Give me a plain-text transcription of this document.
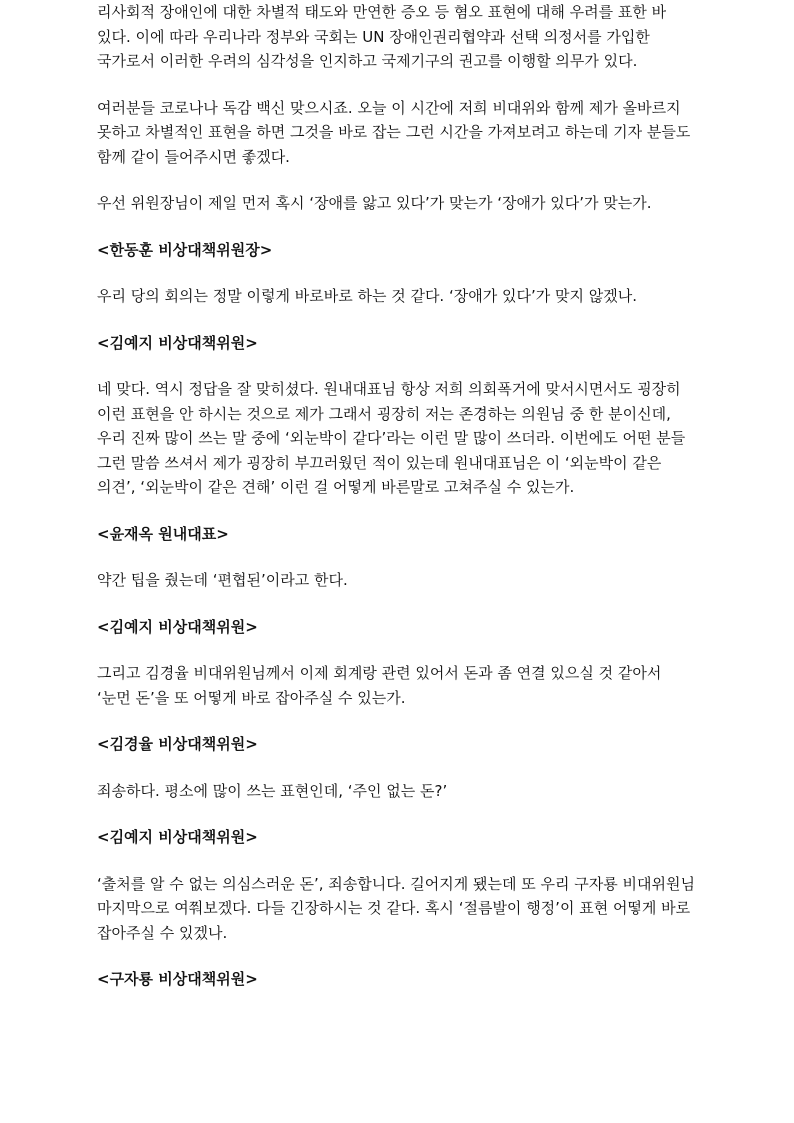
리사회적 장애인에 대한 차별적 태도와 만연한 증오 등 혐오 표현에 대해 우려를 표한 바 있다. 이에 따라 우리나라 정부와 국회는 UN 장애인권리협약과 선택 의정서를 가입한 국가로서 이러한 우려의 심각성을 인지하고 국제기구의 권고를 이행할 의무가 있다.

여러분들 코로나나 독감 백신 맞으시죠. 오늘 이 시간에 저희 비대위와 함께 제가 올바르지 못하고 차별적인 표현을 하면 그것을 바로 잡는 그런 시간을 가져보려고 하는데 기자 분들도 함께 같이 들어주시면 좋겠다.

우선 위원장님이 제일 먼저 혹시 ‘장애를 앓고 있다’가 맞는가 ‘장애가 있다’가 맞는가.

<한동훈 비상대책위원장>

우리 당의 회의는 정말 이렇게 바로바로 하는 것 같다. ‘장애가 있다’가 맞지 않겠나.

<김예지 비상대책위원>

네 맞다. 역시 정답을 잘 맞히셨다. 원내대표님 항상 저희 의회폭거에 맞서시면서도 굉장히 이런 표현을 안 하시는 것으로 제가 그래서 굉장히 저는 존경하는 의원님 중 한 분이신데, 우리 진짜 많이 쓰는 말 중에 ‘외눈박이 같다’라는 이런 말 많이 쓰더라. 이번에도 어떤 분들 그런 말씀 쓰셔서 제가 굉장히 부끄러웠던 적이 있는데 원내대표님은 이 ‘외눈박이 같은 의견’, ‘외눈박이 같은 견해’ 이런 걸 어떻게 바른말로 고쳐주실 수 있는가.

<윤재옥 원내대표>

약간 팁을 줬는데 ‘편협된’이라고 한다.

<김예지 비상대책위원>

그리고 김경율 비대위원님께서 이제 회계랑 관련 있어서 돈과 좀 연결 있으실 것 같아서 ‘눈먼 돈’을 또 어떻게 바로 잡아주실 수 있는가.

<김경율 비상대책위원>

죄송하다. 평소에 많이 쓰는 표현인데, ‘주인 없는 돈?’

<김예지 비상대책위원>

‘출처를 알 수 없는 의심스러운 돈’, 죄송합니다. 길어지게 됐는데 또 우리 구자룡 비대위원님 마지막으로 여쭤보겠다. 다들 긴장하시는 것 같다. 혹시 ‘절름발이 행정’이 표현 어떻게 바로 잡아주실 수 있겠나.

<구자룡 비상대책위원>
